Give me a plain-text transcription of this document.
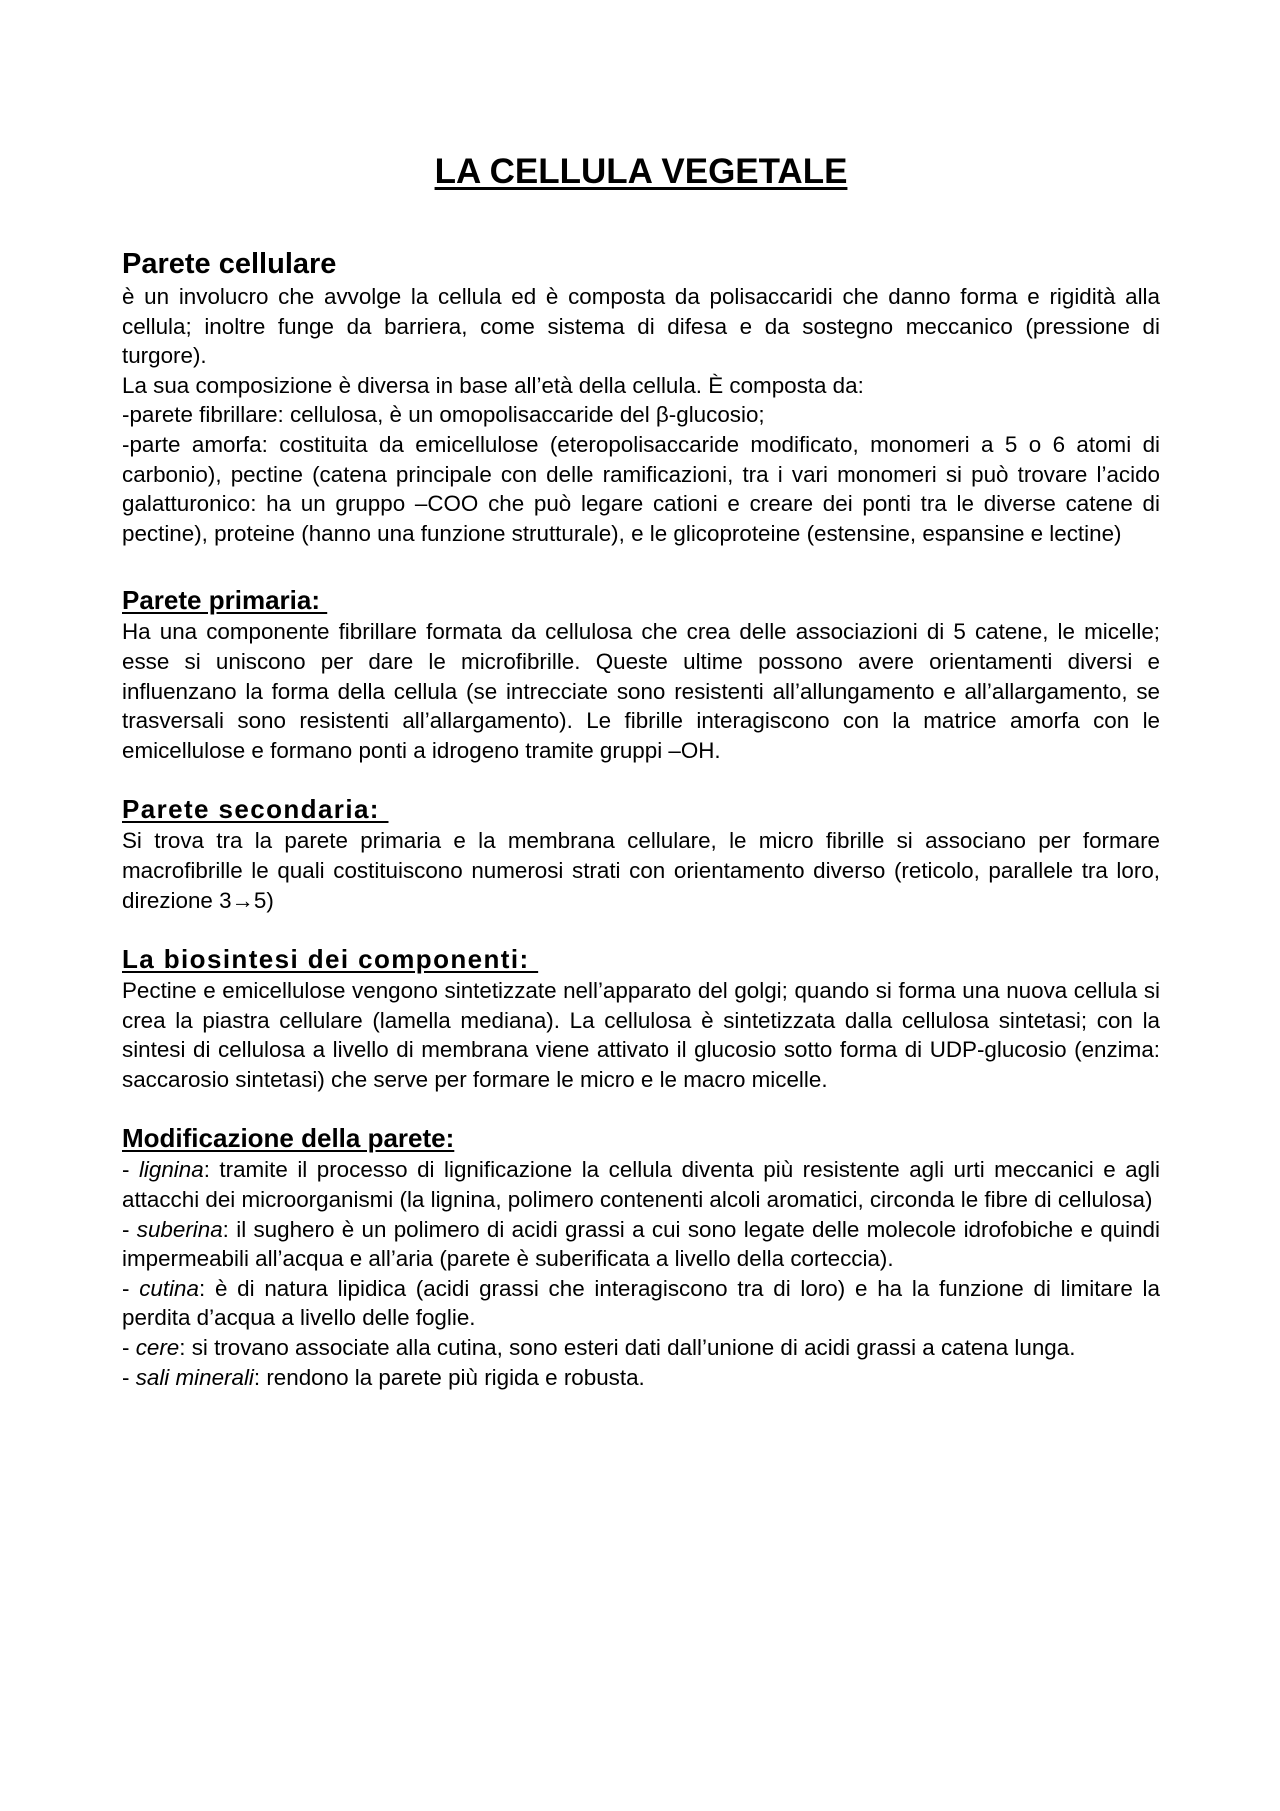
LA CELLULA VEGETALE
Parete cellulare

è un involucro che avvolge la cellula ed è composta da polisaccaridi che danno forma e rigidità alla cellula; inoltre funge da barriera, come sistema di difesa e da sostegno meccanico (pressione di turgore).

La sua composizione è diversa in base all’età della cellula. È composta da:

-parete fibrillare: cellulosa, è un omopolisaccaride del β-glucosio;

-parte amorfa: costituita da emicellulose (eteropolisaccaride modificato, monomeri a 5 o 6 atomi di carbonio), pectine (catena principale con delle ramificazioni, tra i vari monomeri si può trovare l’acido galatturonico: ha un gruppo –COO che può legare cationi e creare dei ponti tra le diverse catene di pectine), proteine (hanno una funzione strutturale), e le glicoproteine (estensine, espansine e lectine)

Parete primaria:

Ha una componente fibrillare formata da cellulosa che crea delle associazioni di 5 catene, le micelle; esse si uniscono per dare le microfibrille. Queste ultime possono avere orientamenti diversi e influenzano la forma della cellula (se intrecciate sono resistenti all’allungamento e all’allargamento, se trasversali sono resistenti all’allargamento). Le fibrille interagiscono con la matrice amorfa con le emicellulose e formano ponti a idrogeno tramite gruppi –OH.

Parete secondaria:

Si trova tra la parete primaria e la membrana cellulare, le micro fibrille si associano per formare macrofibrille le quali costituiscono numerosi strati con orientamento diverso (reticolo, parallele tra loro, direzione 3→5)

La biosintesi dei componenti:

Pectine e emicellulose vengono sintetizzate nell’apparato del golgi; quando si forma una nuova cellula si crea la piastra cellulare (lamella mediana). La cellulosa è sintetizzata dalla cellulosa sintetasi; con la sintesi di cellulosa a livello di membrana viene attivato il glucosio sotto forma di UDP-glucosio (enzima: saccarosio sintetasi) che serve per formare le micro e le macro micelle.

Modificazione della parete:

- lignina: tramite il processo di lignificazione la cellula diventa più resistente agli urti meccanici e agli attacchi dei microorganismi (la lignina, polimero contenenti alcoli aromatici, circonda le fibre di cellulosa)

- suberina: il sughero è un polimero di acidi grassi a cui sono legate delle molecole idrofobiche e quindi impermeabili all’acqua e all’aria (parete è suberificata a livello della corteccia).

- cutina: è di natura lipidica (acidi grassi che interagiscono tra di loro) e ha la funzione di limitare la perdita d’acqua a livello delle foglie.

- cere: si trovano associate alla cutina, sono esteri dati dall’unione di acidi grassi a catena lunga.

- sali minerali: rendono la parete più rigida e robusta.
